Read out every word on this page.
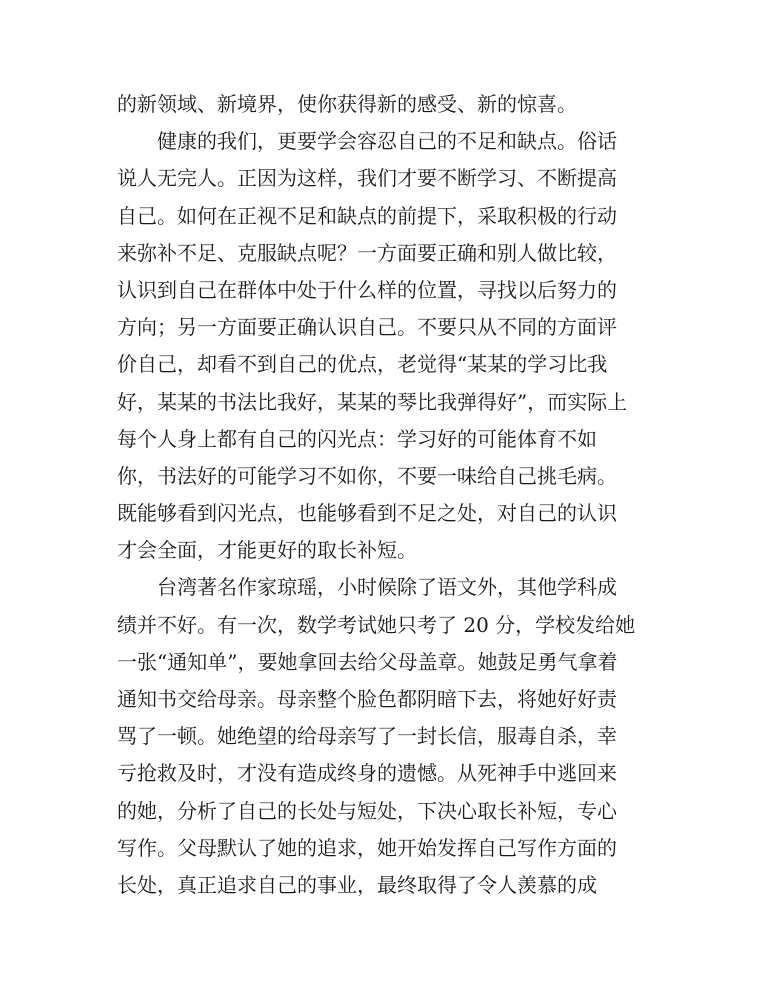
的新领域、新境界，使你获得新的感受、新的惊喜。
　　健康的我们，更要学会容忍自己的不足和缺点。俗话
说人无完人。正因为这样，我们才要不断学习、不断提高
自己。如何在正视不足和缺点的前提下，采取积极的行动
来弥补不足、克服缺点呢？一方面要正确和别人做比较，
认识到自己在群体中处于什么样的位置，寻找以后努力的
方向；另一方面要正确认识自己。不要只从不同的方面评
价自己，却看不到自己的优点，老觉得“某某的学习比我
好，某某的书法比我好，某某的琴比我弹得好”，而实际上
每个人身上都有自己的闪光点：学习好的可能体育不如
你，书法好的可能学习不如你，不要一味给自己挑毛病。
既能够看到闪光点，也能够看到不足之处，对自己的认识
才会全面，才能更好的取长补短。
　　台湾著名作家琼瑶，小时候除了语文外，其他学科成
绩并不好。有一次，数学考试她只考了 20 分，学校发给她
一张“通知单”，要她拿回去给父母盖章。她鼓足勇气拿着
通知书交给母亲。母亲整个脸色都阴暗下去，将她好好责
骂了一顿。她绝望的给母亲写了一封长信，服毒自杀，幸
亏抢救及时，才没有造成终身的遗憾。从死神手中逃回来
的她，分析了自己的长处与短处，下决心取长补短，专心
写作。父母默认了她的追求，她开始发挥自己写作方面的
长处，真正追求自己的事业，最终取得了令人羡慕的成
